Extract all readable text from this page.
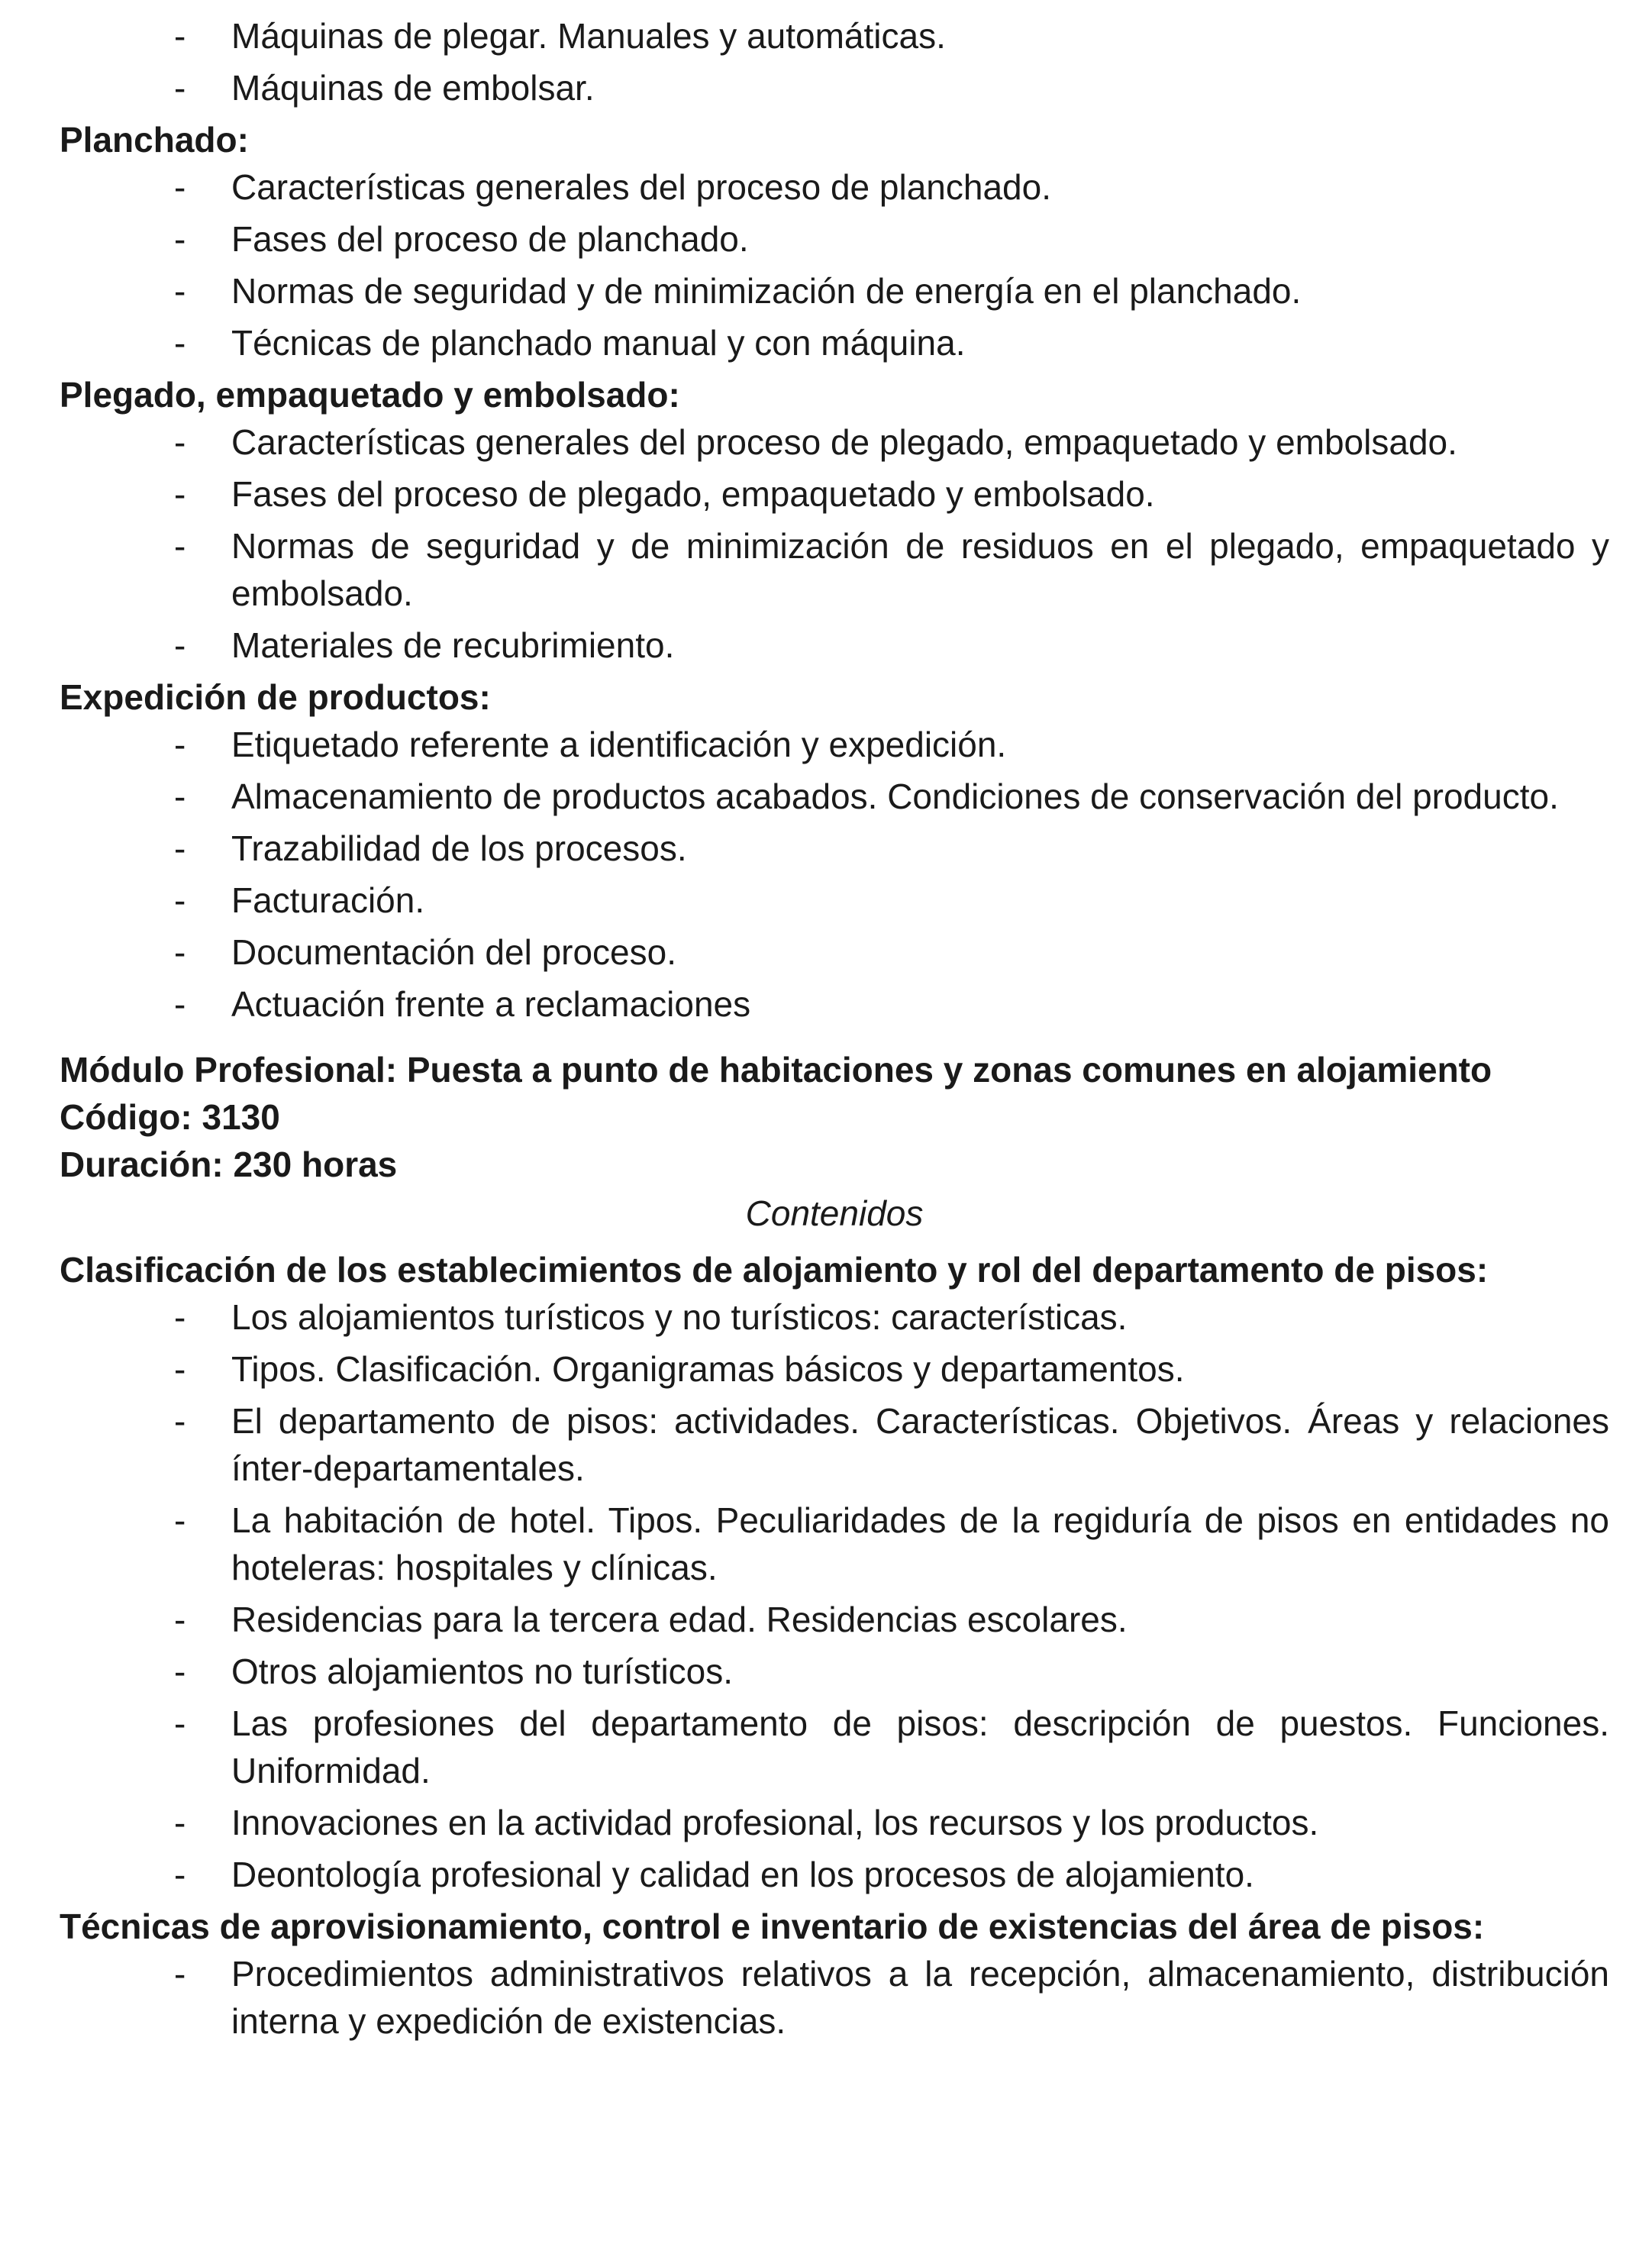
- Máquinas de plegar. Manuales y automáticas.
- Máquinas de embolsar.
Planchado:
- Características generales del proceso de planchado.
- Fases del proceso de planchado.
- Normas de seguridad y de minimización de energía en el planchado.
- Técnicas de planchado manual y con máquina.
Plegado, empaquetado y embolsado:
- Características generales del proceso de plegado, empaquetado y embolsado.
- Fases del proceso de plegado, empaquetado y embolsado.
- Normas de seguridad y de minimización de residuos en el plegado, empaquetado y embolsado.
- Materiales de recubrimiento.
Expedición de productos:
- Etiquetado referente a identificación y expedición.
- Almacenamiento de productos acabados. Condiciones de conservación del producto.
- Trazabilidad de los procesos.
- Facturación.
- Documentación del proceso.
- Actuación frente a reclamaciones
Módulo Profesional: Puesta a punto de habitaciones y zonas comunes en alojamiento
Código: 3130
Duración: 230 horas
Contenidos
Clasificación de los establecimientos de alojamiento y rol del departamento de pisos:
- Los alojamientos turísticos y no turísticos: características.
- Tipos. Clasificación. Organigramas básicos y departamentos.
- El departamento de pisos: actividades. Características. Objetivos. Áreas y relaciones ínter-departamentales.
- La habitación de hotel. Tipos. Peculiaridades de la regiduría de pisos en entidades no hoteleras: hospitales y clínicas.
- Residencias para la tercera edad. Residencias escolares.
- Otros alojamientos no turísticos.
- Las profesiones del departamento de pisos: descripción de puestos. Funciones. Uniformidad.
- Innovaciones en la actividad profesional, los recursos y los productos.
- Deontología profesional y calidad en los procesos de alojamiento.
Técnicas de aprovisionamiento, control e inventario de existencias del área de pisos:
- Procedimientos administrativos relativos a la recepción, almacenamiento, distribución interna y expedición de existencias.
